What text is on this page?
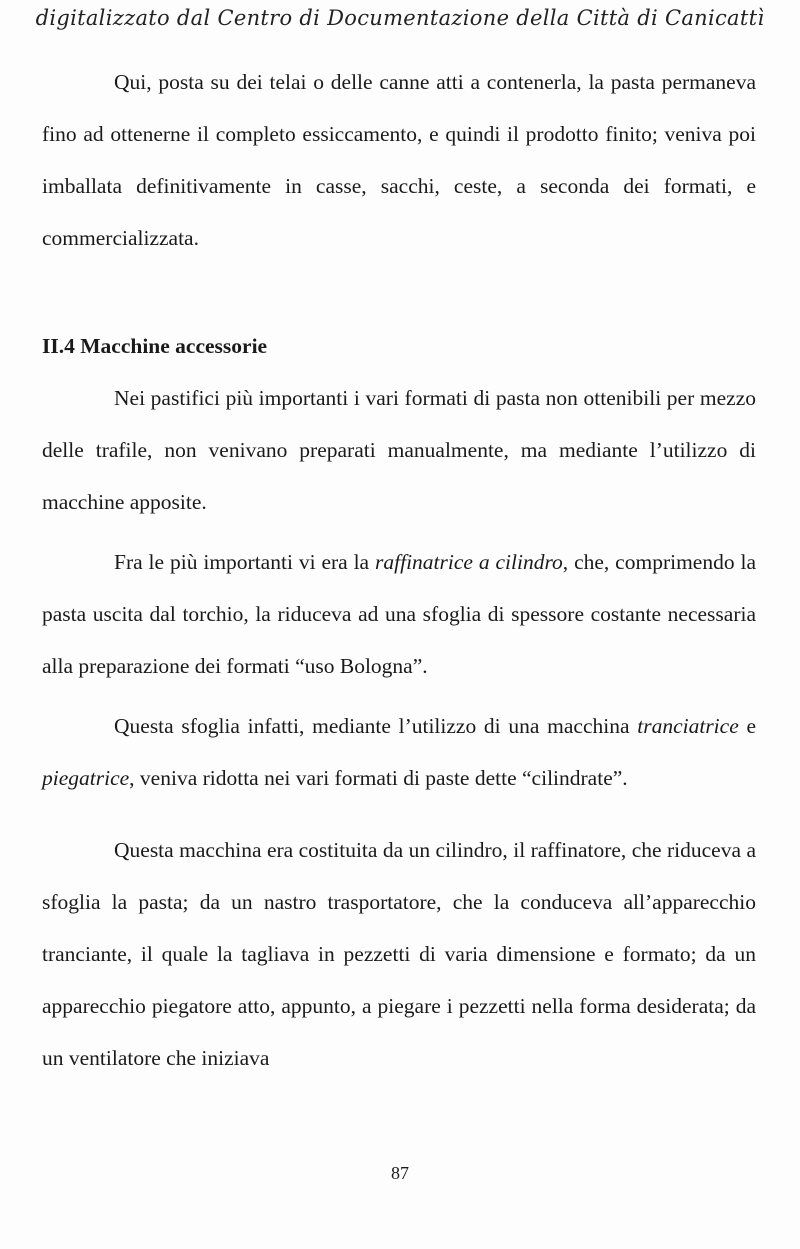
digitalizzato dal Centro di Documentazione della Città di Canicattì

Qui, posta su dei telai o delle canne atti a contenerla, la pasta permaneva fino ad ottenerne il completo essiccamento, e quindi il prodotto finito; veniva poi imballata definitivamente in casse, sacchi, ceste, a seconda dei formati, e commercializzata.

II.4 Macchine accessorie

Nei pastifici più importanti i vari formati di pasta non ottenibili per mezzo delle trafile, non venivano preparati manualmente, ma mediante l’utilizzo di macchine apposite.

Fra le più importanti vi era la raffinatrice a cilindro, che, comprimendo la pasta uscita dal torchio, la riduceva ad una sfoglia di spessore costante necessaria alla preparazione dei formati “uso Bologna”.

Questa sfoglia infatti, mediante l’utilizzo di una macchina tranciatrice e piegatrice, veniva ridotta nei vari formati di paste dette “cilindrate”.

Questa macchina era costituita da un cilindro, il raffinatore, che riduceva a sfoglia la pasta; da un nastro trasportatore, che la conduceva all’apparecchio tranciante, il quale la tagliava in pezzetti di varia dimensione e formato; da un apparecchio piegatore atto, appunto, a piegare i pezzetti nella forma desiderata; da un ventilatore che iniziava

87
